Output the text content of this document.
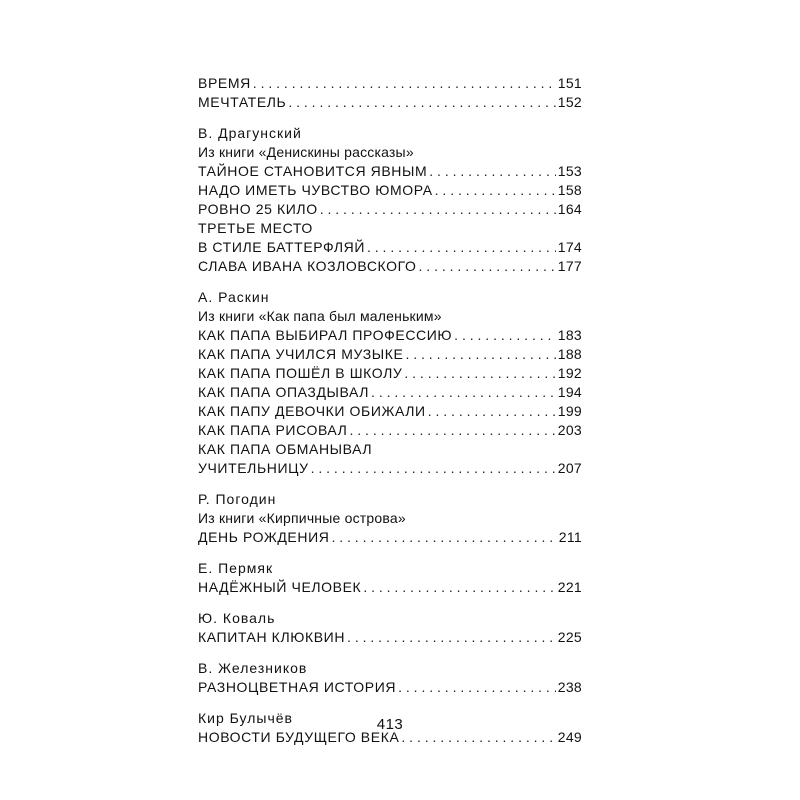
ВРЕМЯ . . .	151
МЕЧТАТЕЛЬ . . .	152
В. Драгунский
Из книги «Денискины рассказы»
ТАЙНОЕ СТАНОВИТСЯ ЯВНЫМ . . .	153
НАДО ИМЕТЬ ЧУВСТВО ЮМОРА . . .	158
РОВНО 25 КИЛО . . .	164
ТРЕТЬЕ МЕСТО
В СТИЛЕ БАТТЕРФЛЯЙ . . .	174
СЛАВА ИВАНА КОЗЛОВСКОГО . . .	177
А. Раскин
Из книги «Как папа был маленьким»
КАК ПАПА ВЫБИРАЛ ПРОФЕССИЮ . . .	183
КАК ПАПА УЧИЛСЯ МУЗЫКЕ . . .	188
КАК ПАПА ПОШЁЛ В ШКОЛУ . . .	192
КАК ПАПА ОПАЗДЫВАЛ . . .	194
КАК ПАПУ ДЕВОЧКИ ОБИЖАЛИ . . .	199
КАК ПАПА РИСОВАЛ . . .	203
КАК ПАПА ОБМАНЫВАЛ
УЧИТЕЛЬНИЦУ . . .	207
Р. Погодин
Из книги «Кирпичные острова»
ДЕНЬ РОЖДЕНИЯ . . .	211
Е. Пермяк
НАДЁЖНЫЙ ЧЕЛОВЕК . . .	221
Ю. Коваль
КАПИТАН КЛЮКВИН . . .	225
В. Железников
РАЗНОЦВЕТНАЯ ИСТОРИЯ . . .	238
Кир Булычёв
НОВОСТИ БУДУЩЕГО ВЕКА . . .	249
413
